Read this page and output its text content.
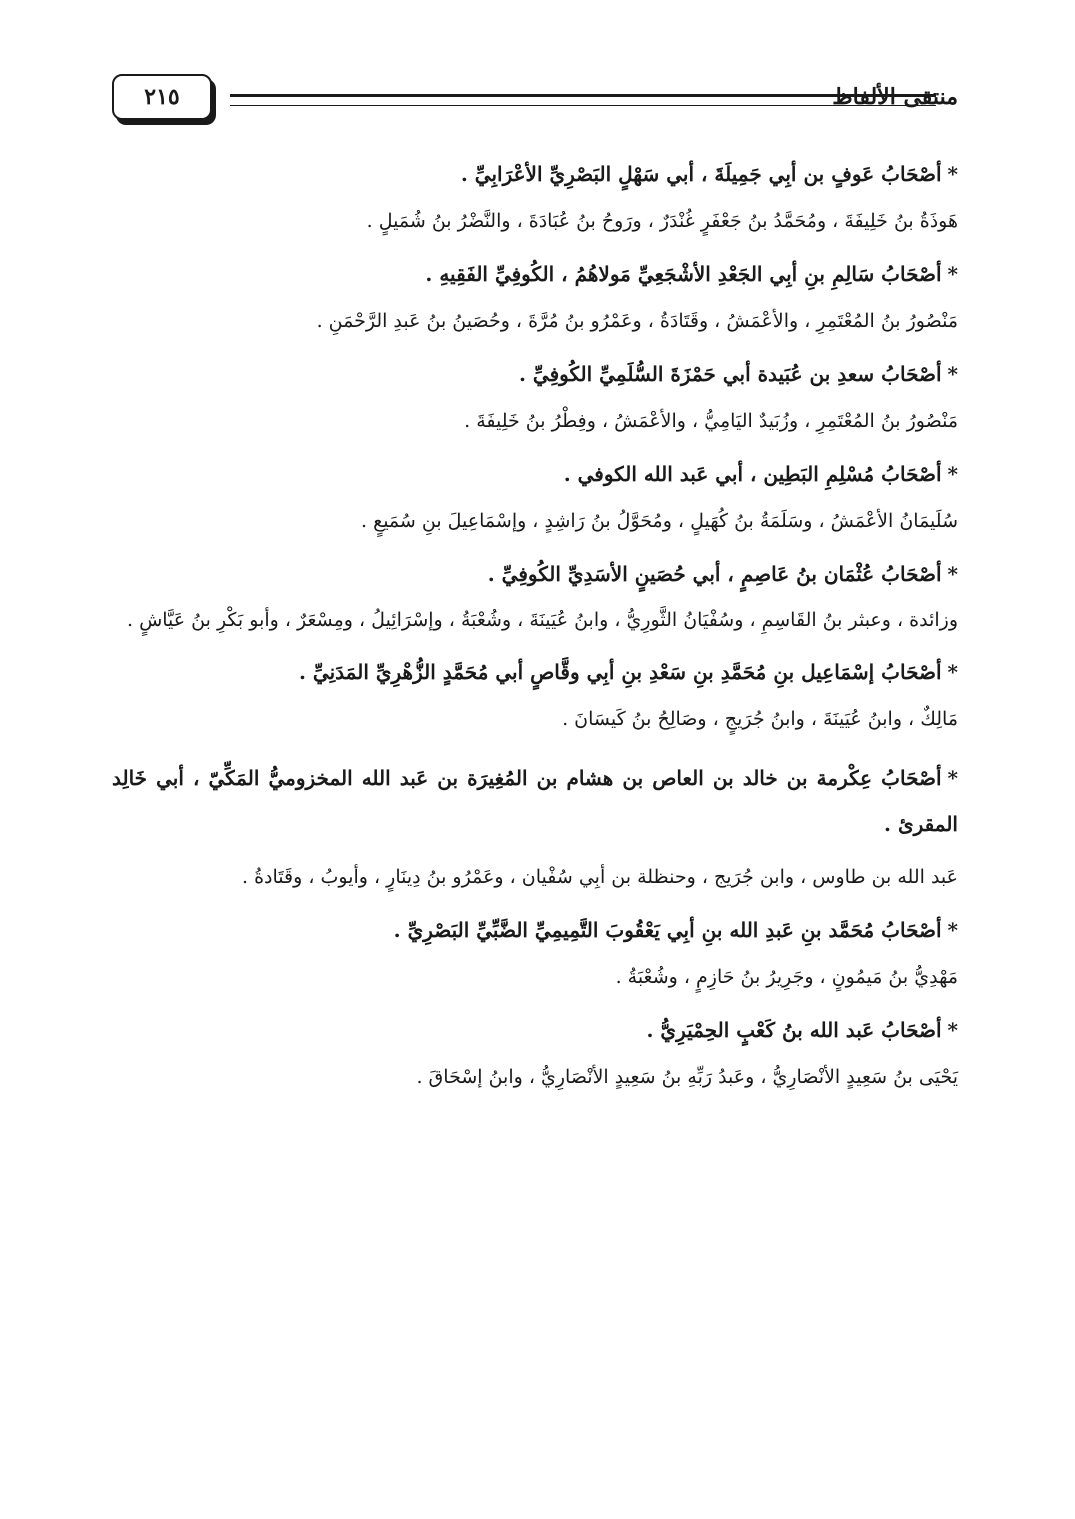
٢١٥	منتقى الألفاظ
*أصْحَابُ عَوفٍ بن أبِي جَمِيلَةَ ، أبي سَهْلٍ البَصْرِيِّ الأعْرَابِيِّ .
هَوذَةُ بنُ خَلِيفَةَ ، ومُحَمَّدُ بنُ جَعْفَرٍ غُنْدَرٌ ، ورَوحُ بنُ عُبَادَةَ ، والنَّضْرُ بنُ شُمَيلٍ .
*أصْحَابُ سَالِمِ بنِ أبِي الجَعْدِ الأشْجَعِيِّ مَولاهُمُ ، الكُوفِيِّ الفَقِيهِ .
مَنْصُورُ بنُ المُعْتَمِرِ ، والأعْمَشُ ، وقَتَادَةُ ، وعَمْرُو بنُ مُرَّةَ ، وحُصَينُ بنُ عَبدِ الرَّحْمَنِ .
*أصْحَابُ سعدِ بن عُبَيدة أبي حَمْزَةَ السُّلَمِيِّ الكُوفِيِّ .
مَنْصُورُ بنُ المُعْتَمِرِ ، وزُبَيدٌ اليَامِيُّ ، والأعْمَشُ ، وفِطْرُ بنُ خَلِيفَةَ .
*أصْحَابُ مُسْلِمِ البَطِين ، أبي عَبد الله الكوفي .
سُلَيمَانُ الأعْمَشُ ، وسَلَمَةُ بنُ كُهَيلٍ ، ومُحَوَّلُ بنُ رَاشِدٍ ، وإسْمَاعِيلَ بنِ سُمَيعٍ .
*أصْحَابُ عُثْمَان بنُ عَاصِمٍ ، أبي حُصَينٍ الأسَدِيِّ الكُوفِيِّ .
وزائدة ، وعبثر بنُ القَاسِمِ ، وسُفْيَانُ الثَّورِيُّ ، وابنُ عُيَينَةَ ، وشُعْبَةُ ، وإسْرَائِيلُ ، ومِسْعَرٌ ، وأبو بَكْرِ بنُ عَيَّاشٍ .
*أصْحَابُ إسْمَاعِيل بنِ مُحَمَّدِ بنِ سَعْدِ بنِ أبِي وقَّاصٍ أبي مُحَمَّدٍ الزُّهْرِيِّ المَدَنِيِّ .
مَالِكٌ ، وابنُ عُيَينَةَ ، وابنُ جُرَيجٍ ، وصَالِحُ بنُ كَيسَانَ .
*أصْحَابُ عِكْرمة بن خالد بن العاص بن هشام بن المُغِيرَة بن عَبد الله المخزوميُّ المَكِّيّ ، أبي خَالِد المقرئ .
عَبد الله بن طاوس ، وابن جُرَيج ، وحنظلة بن أبِي سُفْيان ، وعَمْرُو بنُ دِينَارٍ ، وأيوبُ ، وقَتَادةُ .
*أصْحَابُ مُحَمَّد بنِ عَبدِ الله بنِ أبِي يَعْقُوبَ التَّمِيمِيِّ الضَّبِّيِّ البَصْرِيِّ .
مَهْدِيُّ بنُ مَيمُونٍ ، وجَرِيرُ بنُ حَازِمٍ ، وشُعْبَةُ .
*أصْحَابُ عَبد الله بنُ كَعْبٍ الحِمْيَرِيُّ .
يَحْيَى بنُ سَعِيدٍ الأنْصَارِيُّ ، وعَبدُ رَبِّهِ بنُ سَعِيدٍ الأنْصَارِيُّ ، وابنُ إسْحَاقَ .
